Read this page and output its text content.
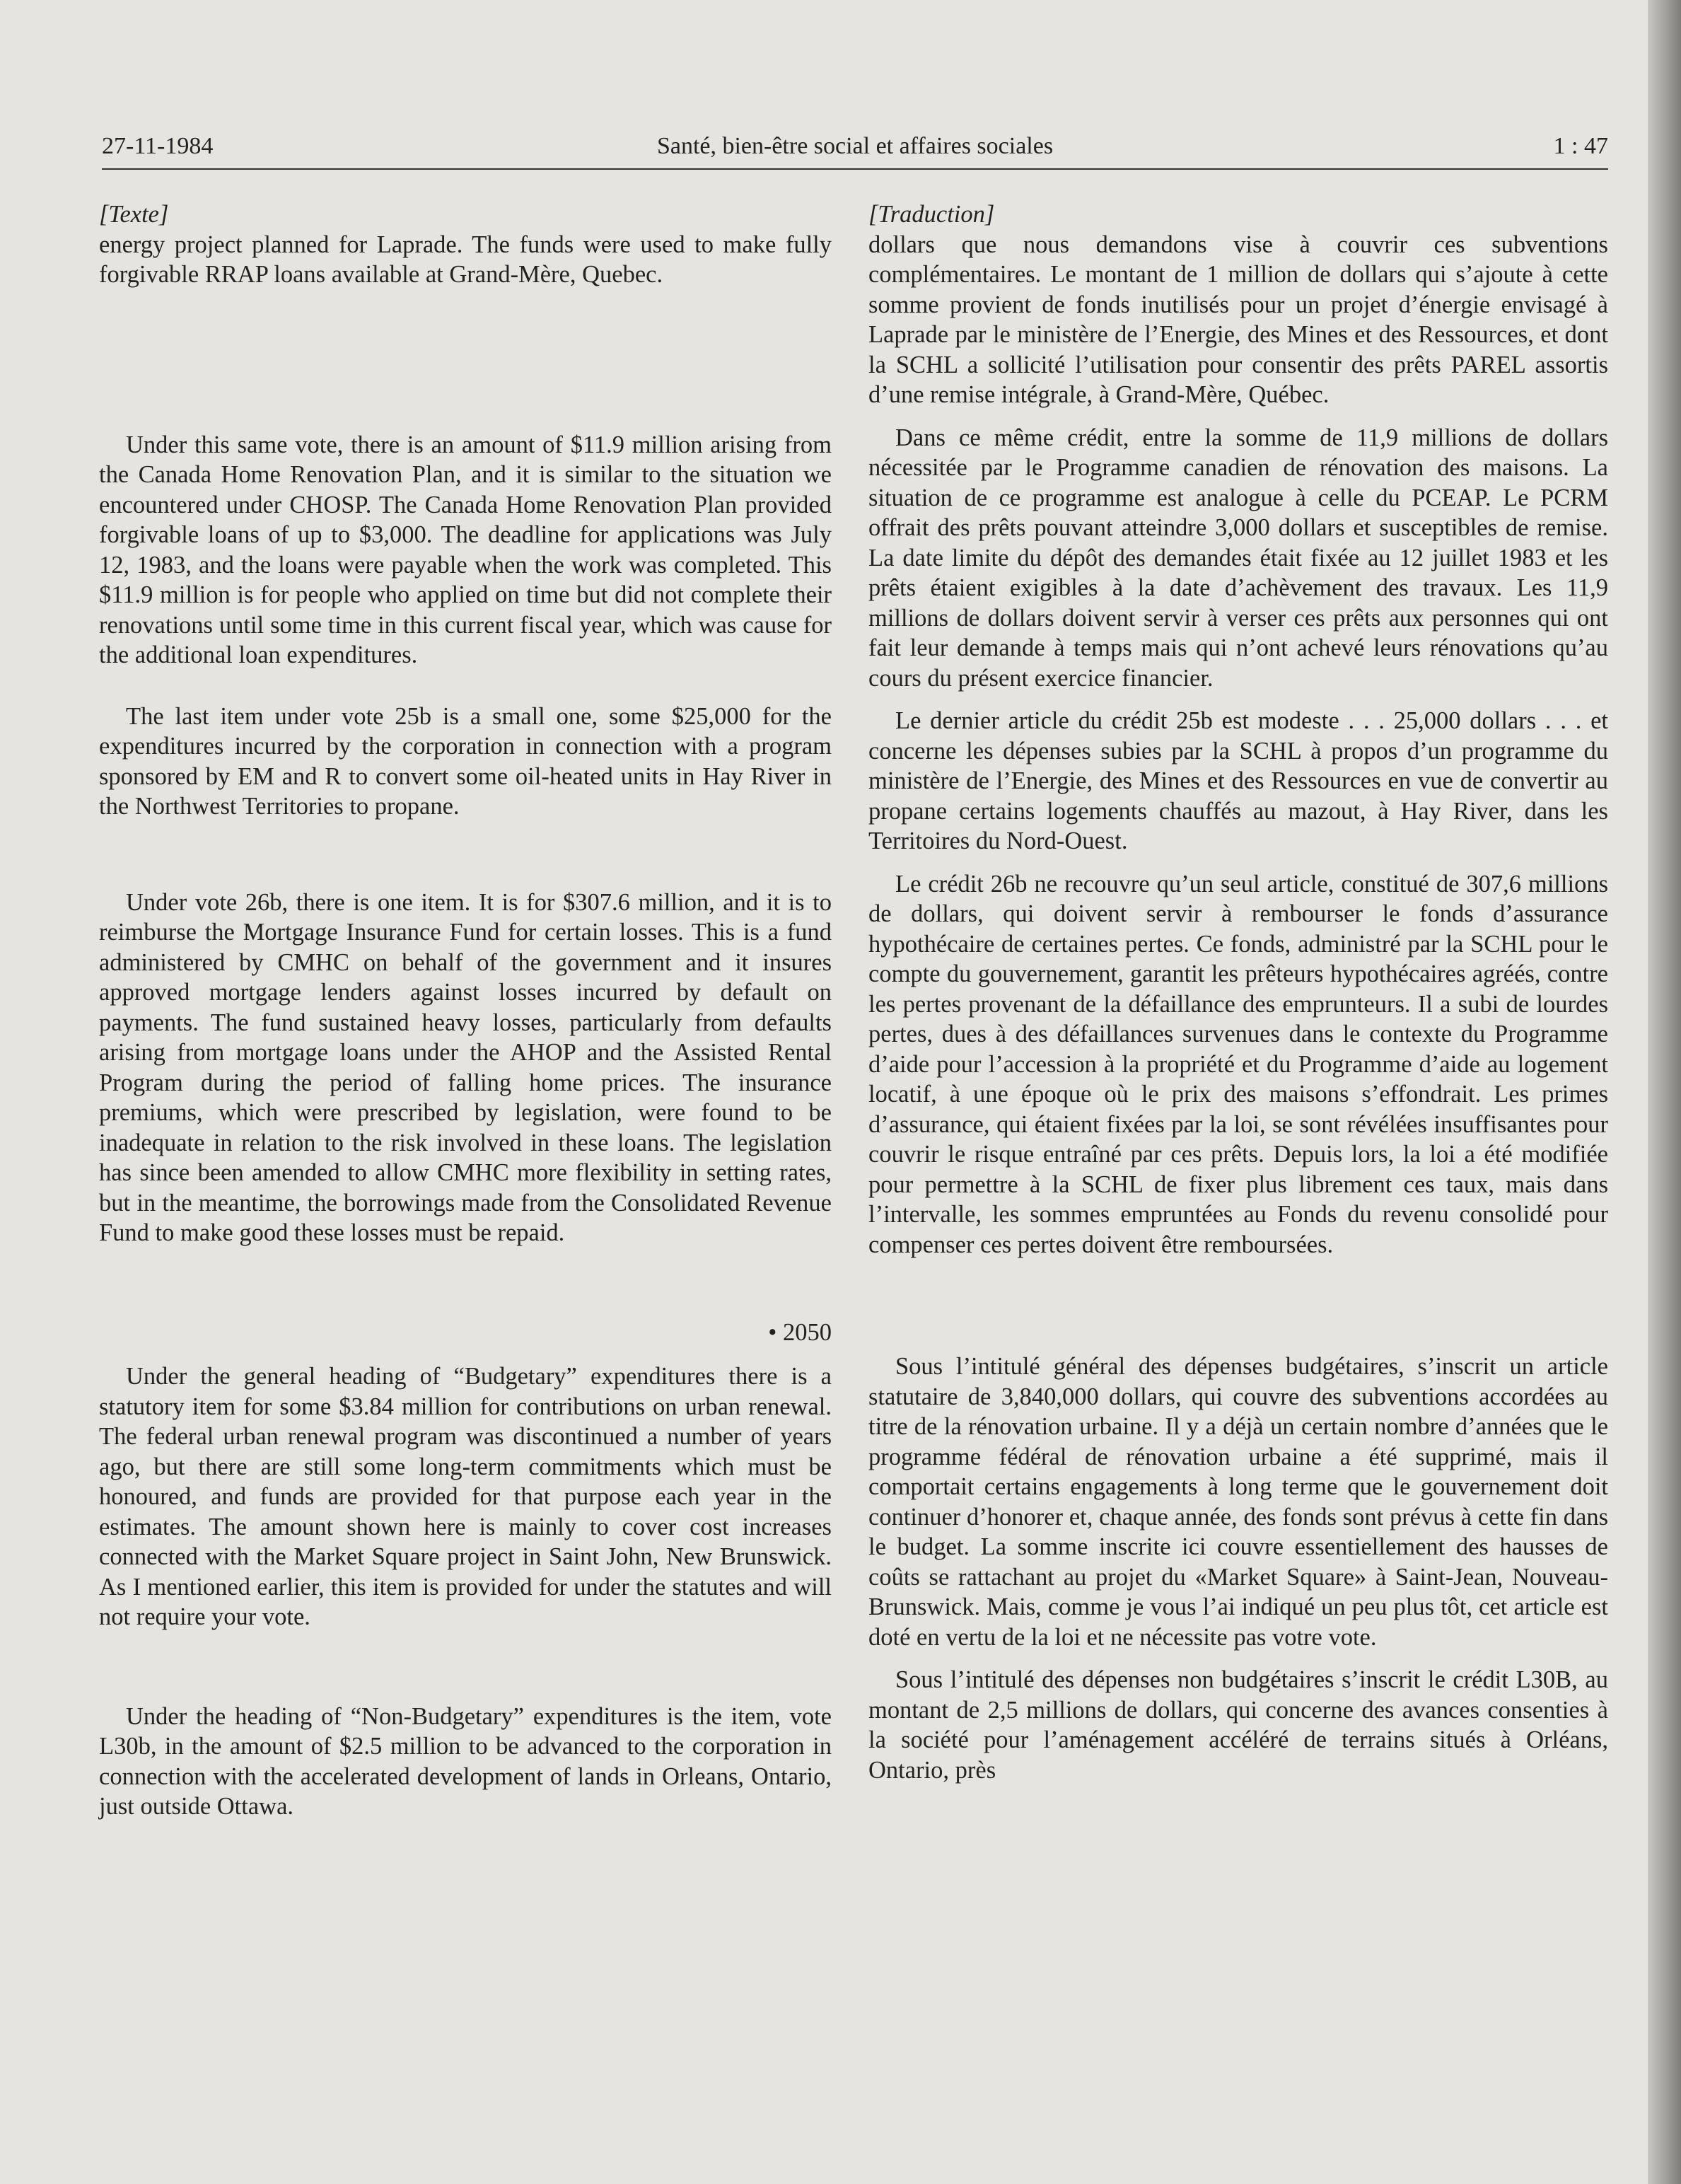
27-11-1984	Santé, bien-être social et affaires sociales	1 : 47

[Texte]

energy project planned for Laprade. The funds were used to make fully forgivable RRAP loans available at Grand-Mère, Quebec.

Under this same vote, there is an amount of $11.9 million arising from the Canada Home Renovation Plan, and it is similar to the situation we encountered under CHOSP. The Canada Home Renovation Plan provided forgivable loans of up to $3,000. The deadline for applications was July 12, 1983, and the loans were payable when the work was completed. This $11.9 million is for people who applied on time but did not complete their renovations until some time in this current fiscal year, which was cause for the additional loan expenditures.

The last item under vote 25b is a small one, some $25,000 for the expenditures incurred by the corporation in connection with a program sponsored by EM and R to convert some oil-heated units in Hay River in the Northwest Territories to propane.

Under vote 26b, there is one item. It is for $307.6 million, and it is to reimburse the Mortgage Insurance Fund for certain losses. This is a fund administered by CMHC on behalf of the government and it insures approved mortgage lenders against losses incurred by default on payments. The fund sustained heavy losses, particularly from defaults arising from mortgage loans under the AHOP and the Assisted Rental Program during the period of falling home prices. The insurance premiums, which were prescribed by legislation, were found to be inadequate in relation to the risk involved in these loans. The legislation has since been amended to allow CMHC more flexibility in setting rates, but in the meantime, the borrowings made from the Consolidated Revenue Fund to make good these losses must be repaid.

• 2050

Under the general heading of “Budgetary” expenditures there is a statutory item for some $3.84 million for contributions on urban renewal. The federal urban renewal program was discontinued a number of years ago, but there are still some long-term commitments which must be honoured, and funds are provided for that purpose each year in the estimates. The amount shown here is mainly to cover cost increases connected with the Market Square project in Saint John, New Brunswick. As I mentioned earlier, this item is provided for under the statutes and will not require your vote.

Under the heading of “Non-Budgetary” expenditures is the item, vote L30b, in the amount of $2.5 million to be advanced to the corporation in connection with the accelerated development of lands in Orleans, Ontario, just outside Ottawa.

[Traduction]

dollars que nous demandons vise à couvrir ces subventions complémentaires. Le montant de 1 million de dollars qui s’ajoute à cette somme provient de fonds inutilisés pour un projet d’énergie envisagé à Laprade par le ministère de l’Energie, des Mines et des Ressources, et dont la SCHL a sollicité l’utilisation pour consentir des prêts PAREL assortis d’une remise intégrale, à Grand-Mère, Québec.

Dans ce même crédit, entre la somme de 11,9 millions de dollars nécessitée par le Programme canadien de rénovation des maisons. La situation de ce programme est analogue à celle du PCEAP. Le PCRM offrait des prêts pouvant atteindre 3,000 dollars et susceptibles de remise. La date limite du dépôt des demandes était fixée au 12 juillet 1983 et les prêts étaient exigibles à la date d’achèvement des travaux. Les 11,9 millions de dollars doivent servir à verser ces prêts aux personnes qui ont fait leur demande à temps mais qui n’ont achevé leurs rénovations qu’au cours du présent exercice financier.

Le dernier article du crédit 25b est modeste . . . 25,000 dollars . . . et concerne les dépenses subies par la SCHL à propos d’un programme du ministère de l’Energie, des Mines et des Ressources en vue de convertir au propane certains logements chauffés au mazout, à Hay River, dans les Territoires du Nord-Ouest.

Le crédit 26b ne recouvre qu’un seul article, constitué de 307,6 millions de dollars, qui doivent servir à rembourser le fonds d’assurance hypothécaire de certaines pertes. Ce fonds, administré par la SCHL pour le compte du gouvernement, garantit les prêteurs hypothécaires agréés, contre les pertes provenant de la défaillance des emprunteurs. Il a subi de lourdes pertes, dues à des défaillances survenues dans le contexte du Programme d’aide pour l’accession à la propriété et du Programme d’aide au logement locatif, à une époque où le prix des maisons s’effondrait. Les primes d’assurance, qui étaient fixées par la loi, se sont révélées insuffisantes pour couvrir le risque entraîné par ces prêts. Depuis lors, la loi a été modifiée pour permettre à la SCHL de fixer plus librement ces taux, mais dans l’intervalle, les sommes empruntées au Fonds du revenu consolidé pour compenser ces pertes doivent être remboursées.

Sous l’intitulé général des dépenses budgétaires, s’inscrit un article statutaire de 3,840,000 dollars, qui couvre des subventions accordées au titre de la rénovation urbaine. Il y a déjà un certain nombre d’années que le programme fédéral de rénovation urbaine a été supprimé, mais il comportait certains engagements à long terme que le gouvernement doit continuer d’honorer et, chaque année, des fonds sont prévus à cette fin dans le budget. La somme inscrite ici couvre essentiellement des hausses de coûts se rattachant au projet du «Market Square» à Saint-Jean, Nouveau-Brunswick. Mais, comme je vous l’ai indiqué un peu plus tôt, cet article est doté en vertu de la loi et ne nécessite pas votre vote.

Sous l’intitulé des dépenses non budgétaires s’inscrit le crédit L30B, au montant de 2,5 millions de dollars, qui concerne des avances consenties à la société pour l’aménagement accéléré de terrains situés à Orléans, Ontario, près
